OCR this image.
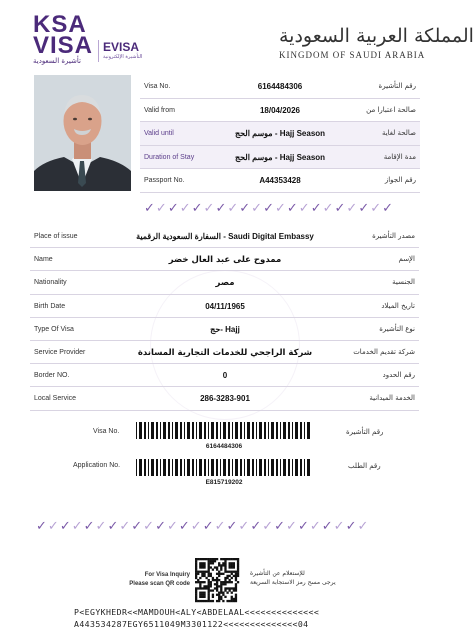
KSA
VISA
تأشيرة السعودية
EVISA
التأشيرة الإلكترونية
المملكة العربية السعودية
KINGDOM OF SAUDI ARABIA
Visa No.	6164484306	رقم التأشيرة
Valid from	18/04/2026	صالحة اعتبارا من
Valid until	موسم الحج - Hajj Season	صالحة لغاية
Duration of Stay	موسم الحج - Hajj Season	مدة الإقامة
Passport No.	A44353428	رقم الجواز
✓✓✓✓✓✓✓✓✓✓✓✓✓✓✓✓✓✓✓✓✓
Place of issue	السفارة السعودية الرقمية - Saudi Digital Embassy	مصدر التأشيرة
Name	ممدوح على عبد العال خضر	الإسم
Nationality	مصر	الجنسية
Birth Date	04/11/1965	تاريخ الميلاد
Type Of Visa	حج- Hajj	نوع التأشيرة
Service Provider	شركة الراجحي للخدمات التجارية المساندة	شركة تقديم الخدمات
Border NO.	0	رقم الحدود
Local Service	286-3283-901	الخدمة الميدانية
Visa No.
6164484306
رقم التأشيرة
Application No.
E815719202
رقم الطلب
✓✓✓✓✓✓✓✓✓✓✓✓✓✓✓✓✓✓✓✓✓✓✓✓✓✓✓✓
For Visa Inquiry
Please scan QR code
للإستعلام عن التأشيرة
يرجى مسح رمز الاستجابة السريعة
P<EGYKHEDR<<MAMDOUH<ALY<ABDELAAL<<<<<<<<<<<<<<
A443534287EGY6511049M3301122<<<<<<<<<<<<<<04
